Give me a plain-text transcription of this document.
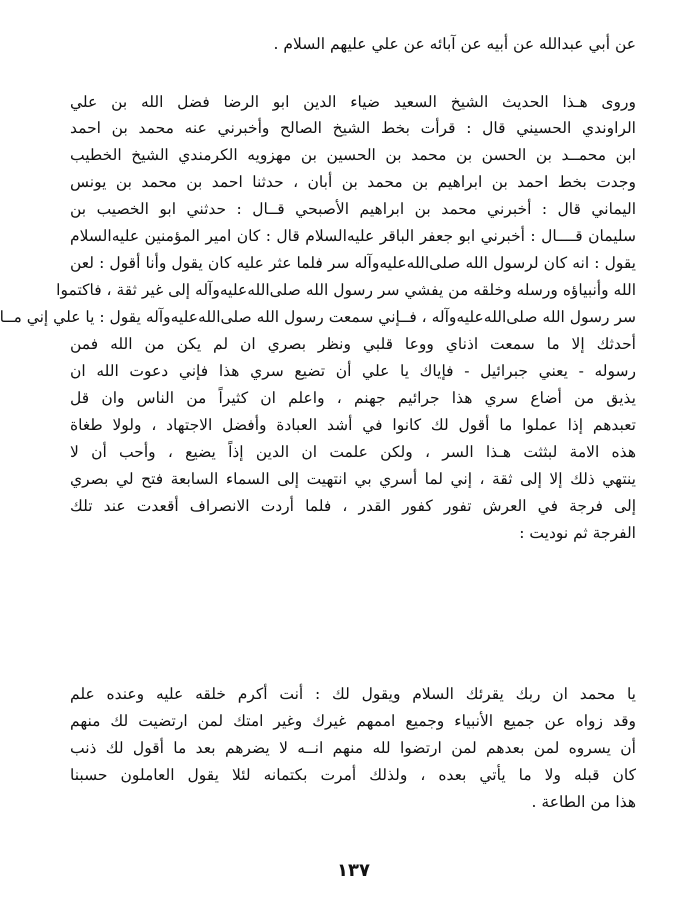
عن أبي عبدالله عن أبيه عن آبائه عن علي عليهم السلام .
وروى هـذا الحديث الشيخ السعيد ضياء الدين ابو الرضا فضل الله بن علي
الراوندي الحسيني قال : قرأت بخط الشيخ الصالح وأخبرني عنه محمد بن احمد
ابن محمــد بن الحسن بن محمد بن الحسين بن مهزويه الكرمندي الشيخ الخطيب
وجدت بخط احمد بن ابراهيم بن محمد بن أبان ، حدثنا احمد بن محمد بن يونس
اليماني قال : أخبرني محمد بن ابراهيم الأصبحي قــال : حدثني ابو الخصيب بن
سليمان قــــال : أخبرني ابو جعفر الباقر عليه‌السلام قال : كان امير المؤمنين عليه‌السلام
يقول : انه كان لرسول الله صلى‌الله‌عليه‌وآله سر فلما عثر عليه كان يقول وأنا أقول : لعن
الله وأنبياؤه ورسله وخلقه من يفشي سر رسول الله صلى‌الله‌عليه‌وآله إلى غير ثقة ، فاكتموا
سر رسول الله صلى‌الله‌عليه‌وآله ، فــإني سمعت رسول الله صلى‌الله‌عليه‌وآله يقول : يا علي إني مــا
أحدثك إلا ما سمعت اذناي ووعا قلبي ونظر بصري ان لم يكن من الله فمن
رسوله - يعني جبرائيل - فإياك يا علي أن تضيع سري هذا فإني دعوت الله ان
يذيق من أضاع سري هذا جرائيم جهنم ، واعلم ان كثيراً من الناس وان قل
تعبدهم إذا عملوا ما أقول لك كانوا في أشد العبادة وأفضل الاجتهاد ، ولولا طغاة
هذه الامة لبثثت هـذا السر ، ولكن علمت ان الدين إذاً يضيع ، وأحب أن لا
ينتهي ذلك إلا إلى ثقة ، إني لما أسري بي انتهيت إلى السماء السابعة فتح لي بصري
إلى فرجة في العرش تفور كفور القدر ، فلما أردت الانصراف أقعدت عند تلك
الفرجة ثم نوديت :
يا محمد ان ربك يقرئك السلام ويقول لك : أنت أكرم خلقه عليه وعنده علم
وقد زواه عن جميع الأنبياء وجميع اممهم غيرك وغير امتك لمن ارتضيت لك منهم
أن يسروه لمن بعدهم لمن ارتضوا لله منهم انــه لا يضرهم بعد ما أقول لك ذنب
كان قبله ولا ما يأتي بعده ، ولذلك أمرت بكتمانه لئلا يقول العاملون حسبنا
هذا من الطاعة .
١٣٧
